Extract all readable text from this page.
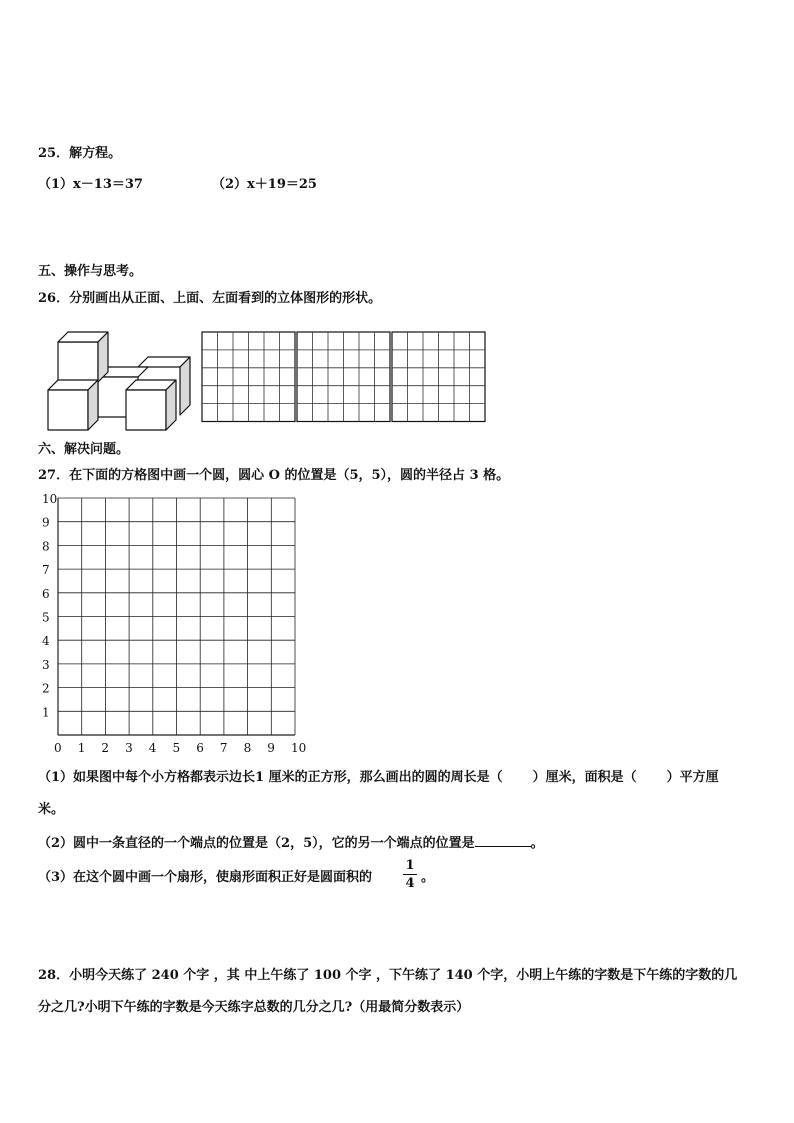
25．解方程。
（1）x－13＝37	（2）x＋19＝25
五、操作与思考。
26．分别画出从正面、上面、左面看到的立体图形的形状。
六、解决问题。
27．在下面的方格图中画一个圆，圆心 O 的位置是（5，5），圆的半径占 3 格。
0 1 2 3 4 5 6 7 8 9 10
1
2
3
4
5
6
7
8
9
10
（1）如果图中每个小方格都表示边长1 厘米的正方形，那么画出的圆的周长是（ ）厘米，面积是（ ）平方厘
米。
（2）圆中一条直径的一个端点的位置是（2，5），它的另一个端点的位置是	。
（3）在这个圆中画一个扇形，使扇形面积正好是圆面积的
1
4 。
28．小明今天练了 240 个字 ，其 中上午练了 100 个字 ，下午练了 140 个字，小明上午练的字数是下午练的字数的几
分之几?小明下午练的字数是今天练字总数的几分之几?（用最简分数表示）
